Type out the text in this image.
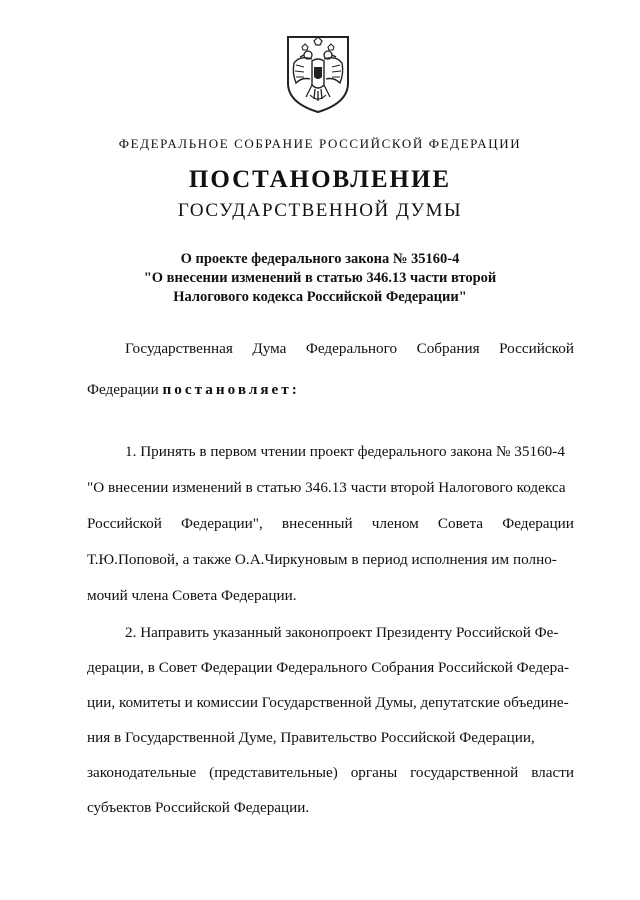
ФЕДЕРАЛЬНОЕ СОБРАНИЕ РОССИЙСКОЙ ФЕДЕРАЦИИ
ПОСТАНОВЛЕНИЕ
ГОСУДАРСТВЕННОЙ ДУМЫ
О проекте федерального закона № 35160-4
"О внесении изменений в статью 346.13 части второй
Налогового кодекса Российской Федерации"
Государственная Дума Федерального Собрания Российской
Федерации постановляет:
1. Принять в первом чтении проект федерального закона № 35160-4
"О внесении изменений в статью 346.13 части второй Налогового кодекса
Российской Федерации", внесенный членом Совета Федерации
Т.Ю.Поповой, а также О.А.Чиркуновым в период исполнения им полно-
мочий члена Совета Федерации.
2. Направить указанный законопроект Президенту Российской Фе-
дерации, в Совет Федерации Федерального Собрания Российской Федера-
ции, комитеты и комиссии Государственной Думы, депутатские объедине-
ния в Государственной Думе, Правительство Российской Федерации,
законодательные (представительные) органы государственной власти
субъектов Российской Федерации.
